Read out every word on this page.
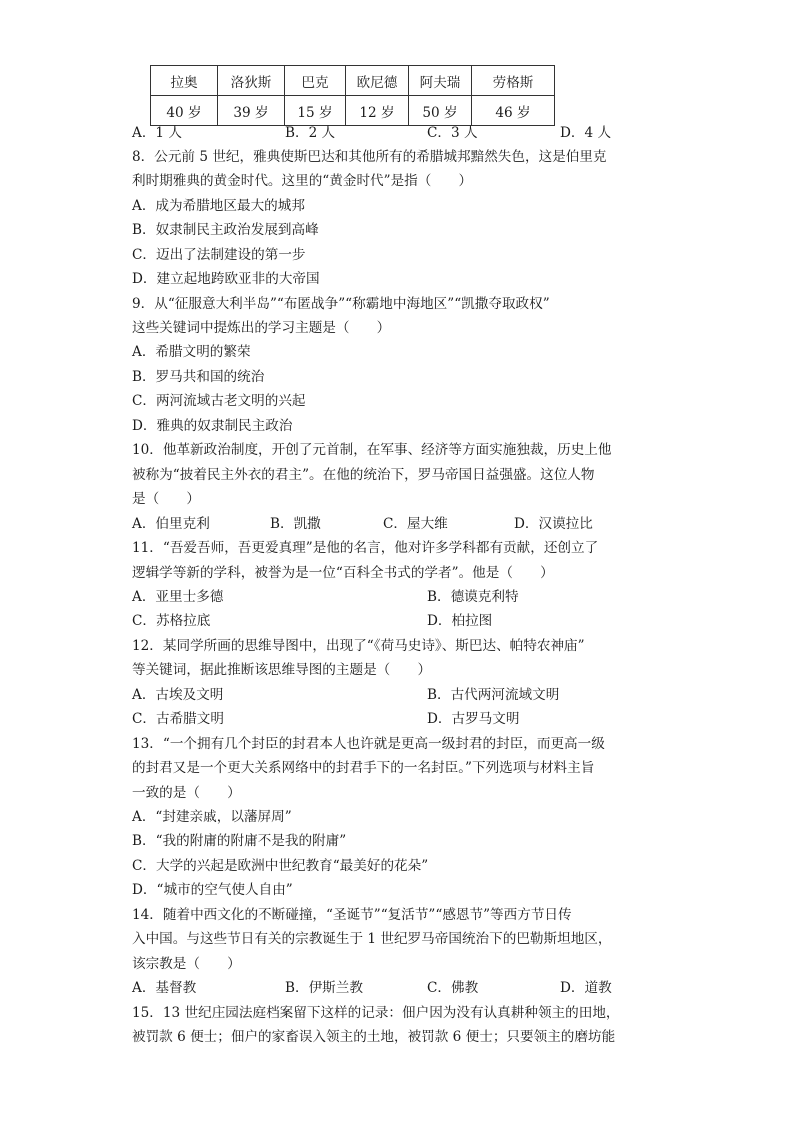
拉奥	洛狄斯	巴克	欧尼德	阿夫瑞	劳格斯
40 岁	39 岁	15 岁	12 岁	50 岁	46 岁
A．1 人	B．2 人	C．3 人	D．4 人
8．公元前 5 世纪，雅典使斯巴达和其他所有的希腊城邦黯然失色，这是伯里克
利时期雅典的黄金时代。这里的“黄金时代”是指（　　）
A．成为希腊地区最大的城邦
B．奴隶制民主政治发展到高峰
C．迈出了法制建设的第一步
D．建立起地跨欧亚非的大帝国
9．从“征服意大利半岛”“布匿战争”“称霸地中海地区”“凯撒夺取政权”
这些关键词中提炼出的学习主题是（　　）
A．希腊文明的繁荣
B．罗马共和国的统治
C．两河流域古老文明的兴起
D．雅典的奴隶制民主政治
10．他革新政治制度，开创了元首制，在军事、经济等方面实施独裁，历史上他
被称为“披着民主外衣的君主”。在他的统治下，罗马帝国日益强盛。这位人物
是（　　）
A．伯里克利	B．凯撒	C．屋大维	D．汉谟拉比
11．“吾爱吾师，吾更爱真理”是他的名言，他对许多学科都有贡献，还创立了
逻辑学等新的学科，被誉为是一位“百科全书式的学者”。他是（　　）
A．亚里士多德	B．德谟克利特
C．苏格拉底	D．柏拉图
12．某同学所画的思维导图中，出现了“《荷马史诗》、斯巴达、帕特农神庙”
等关键词，据此推断该思维导图的主题是（　　）
A．古埃及文明	B．古代两河流域文明
C．古希腊文明	D．古罗马文明
13．“一个拥有几个封臣的封君本人也许就是更高一级封君的封臣，而更高一级
的封君又是一个更大关系网络中的封君手下的一名封臣。”下列选项与材料主旨
一致的是（　　）
A．“封建亲戚，以藩屏周”
B．“我的附庸的附庸不是我的附庸”
C．大学的兴起是欧洲中世纪教育“最美好的花朵”
D．“城市的空气使人自由”
14．随着中西文化的不断碰撞，“圣诞节”“复活节”“感恩节”等西方节日传
入中国。与这些节日有关的宗教诞生于 1 世纪罗马帝国统治下的巴勒斯坦地区，
该宗教是（　　）
A．基督教	B．伊斯兰教	C．佛教	D．道教
15．13 世纪庄园法庭档案留下这样的记录：佃户因为没有认真耕种领主的田地，
被罚款 6 便士；佃户的家畜误入领主的土地，被罚款 6 便士；只要领主的磨坊能
